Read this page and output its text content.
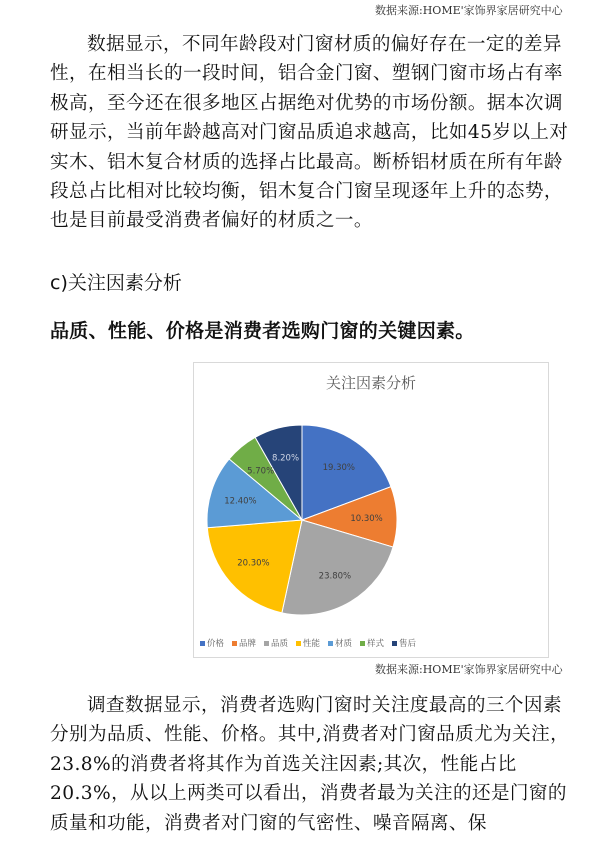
数据来源:HOME'家饰界家居研究中心

数据显示，不同年龄段对门窗材质的偏好存在一定的差异性，在相当长的一段时间，铝合金门窗、塑钢门窗市场占有率极高，至今还在很多地区占据绝对优势的市场份额。据本次调研显示，当前年龄越高对门窗品质追求越高，比如45岁以上对实木、铝木复合材质的选择占比最高。断桥铝材质在所有年龄段总占比相对比较均衡，铝木复合门窗呈现逐年上升的态势，也是目前最受消费者偏好的材质之一。

c)关注因素分析
品质、性能、价格是消费者选购门窗的关键因素。
关注因素分析
19.30%
10.30%
23.80%
20.30%
12.40%
5.70%
8.20%
价格 品牌 品质 性能 材质 样式 售后
数据来源:HOME'家饰界家居研究中心

调查数据显示，消费者选购门窗时关注度最高的三个因素分别为品质、性能、价格。其中,消费者对门窗品质尤为关注，23.8%的消费者将其作为首选关注因素;其次，性能占比20.3%，从以上两类可以看出，消费者最为关注的还是门窗的质量和功能，消费者对门窗的气密性、噪音隔离、保
